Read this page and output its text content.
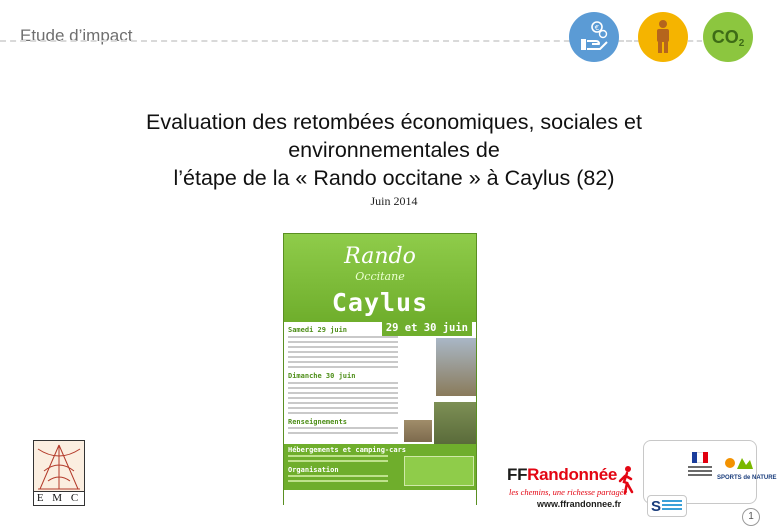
Etude d’impact	€	$CO_2$
Evaluation des retombées économiques, sociales et
environnementales de
l’étape de la « Rando occitane » à Caylus (82)
Juin 2014
Rando
Occitane
Caylus
29 et 30 juin
Samedi 29 juin
Dimanche 30 juin
Renseignements
Hébergements et camping-cars
Organisation
E M C
FFRandonnée
les chemins, une richesse partagée
www.ffrandonnee.fr
SPORTS de NATURE
S
1
